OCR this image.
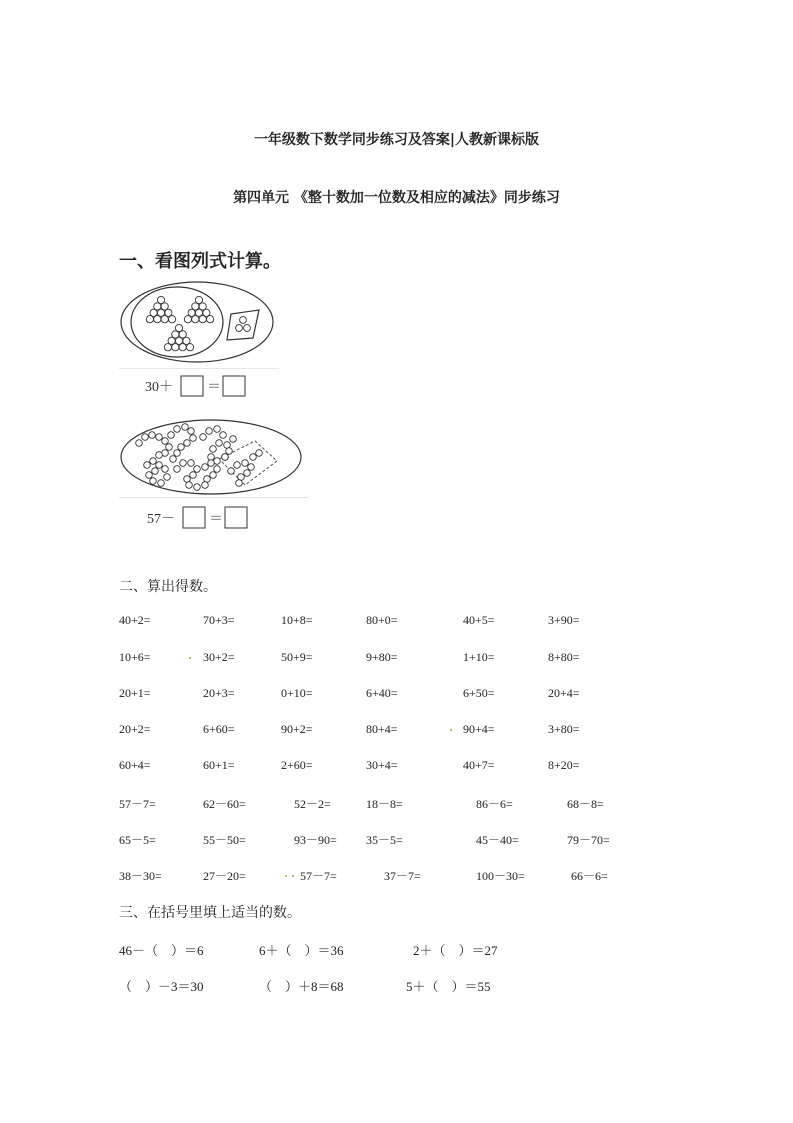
一年级数下数学同步练习及答案|人教新课标版
第四单元 《整十数加一位数及相应的减法》同步练习
一、看图列式计算。
30＋ ＝
57－ ＝
二、算出得数。
40+2=	70+3=	10+8=	80+0=	40+5=	3+90=
10+6=	30+2=	50+9=	9+80=	1+10=	8+80=
20+1=	20+3=	0+10=	6+40=	6+50=	20+4=
20+2=	6+60=	90+2=	80+4=	90+4=	3+80=
60+4=	60+1=	2+60=	30+4=	40+7=	8+20=
57－7=	62－60=	52－2=	18－8=	86－6=	68－8=
65－5=	55－50=	93－90= 35－5=	45－40=	79－70=
38－30=	27－20=	57－7=	37－7=	100－30=	66－6=
三、在括号里填上适当的数。
46－（　）＝6	6＋（　）＝36	2＋（　）＝27
（　）－3＝30	（　）＋8＝68	5＋（　）＝55
